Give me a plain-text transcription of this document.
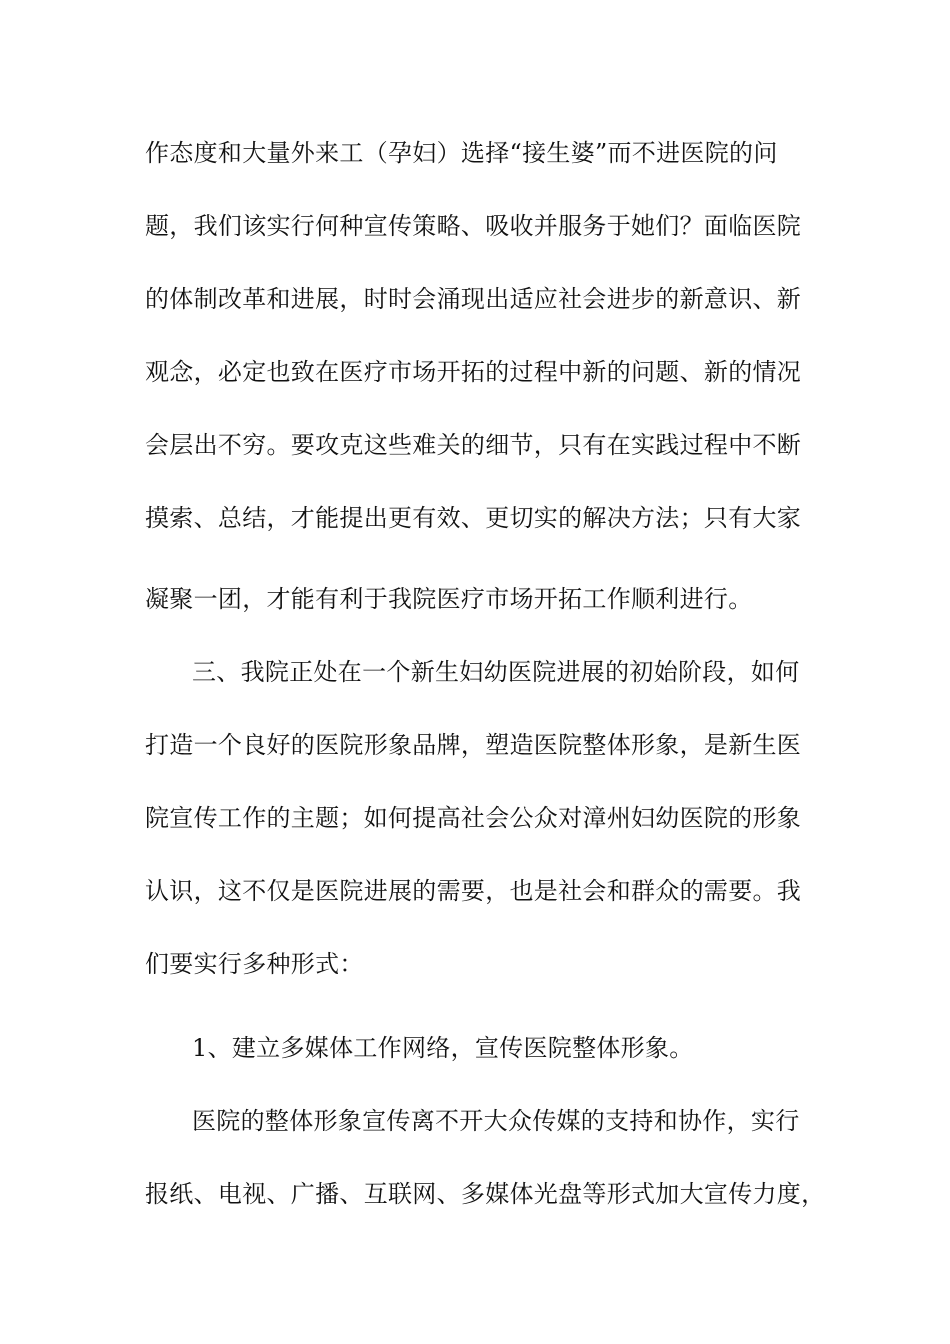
作态度和大量外来工（孕妇）选择“接生婆”而不进医院的问
题，我们该实行何种宣传策略、吸收并服务于她们？面临医院
的体制改革和进展，时时会涌现出适应社会进步的新意识、新
观念，必定也致在医疗市场开拓的过程中新的问题、新的情况
会层出不穷。要攻克这些难关的细节，只有在实践过程中不断
摸索、总结，才能提出更有效、更切实的解决方法；只有大家
凝聚一团，才能有利于我院医疗市场开拓工作顺利进行。
三、我院正处在一个新生妇幼医院进展的初始阶段，如何
打造一个良好的医院形象品牌，塑造医院整体形象，是新生医
院宣传工作的主题；如何提高社会公众对漳州妇幼医院的形象
认识，这不仅是医院进展的需要，也是社会和群众的需要。我
们要实行多种形式：
1、建立多媒体工作网络，宣传医院整体形象。
医院的整体形象宣传离不开大众传媒的支持和协作，实行
报纸、电视、广播、互联网、多媒体光盘等形式加大宣传力度，
